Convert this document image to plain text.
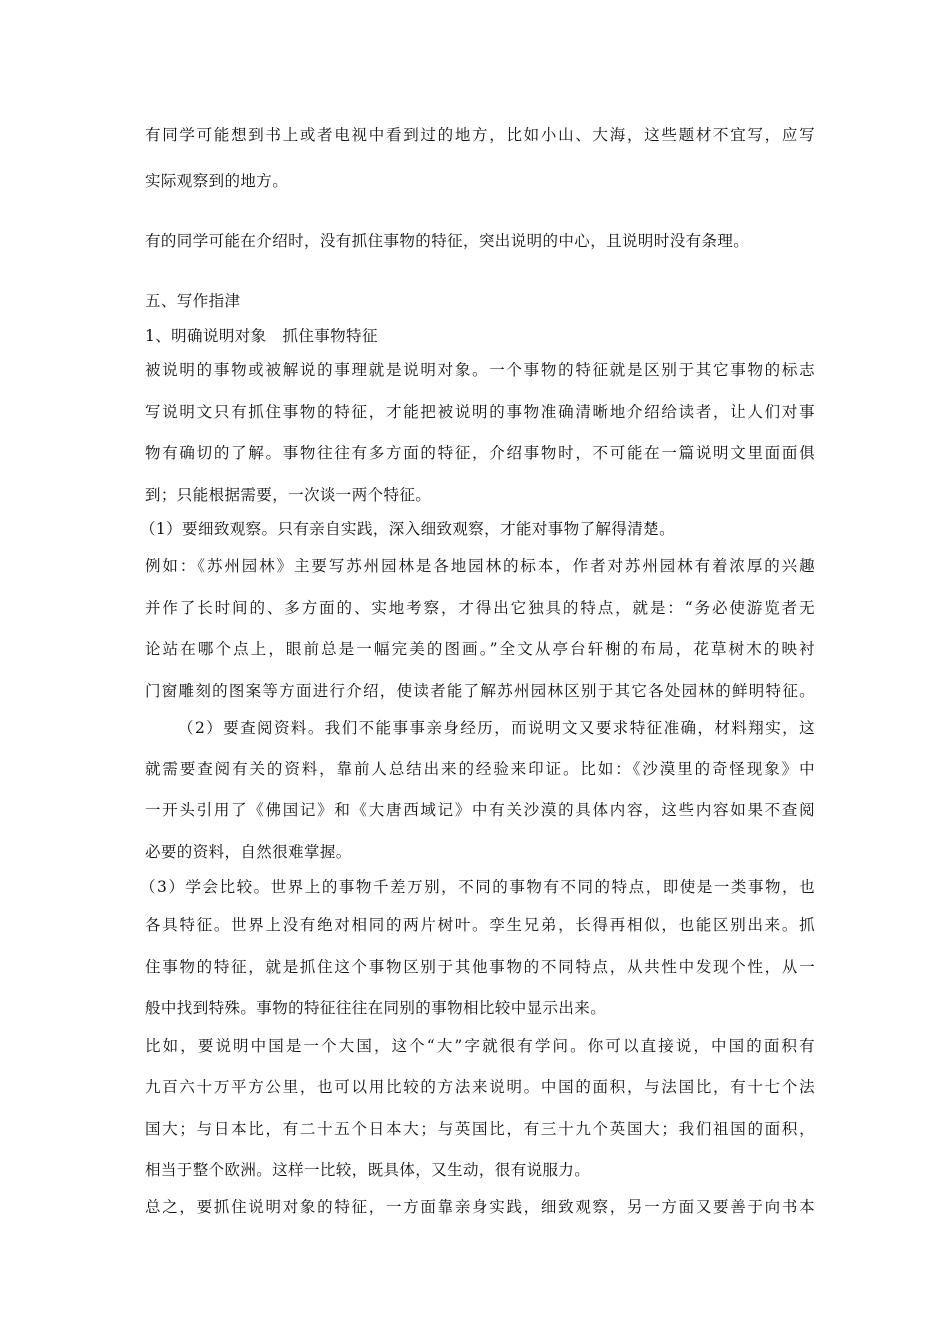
有同学可能想到书上或者电视中看到过的地方，比如小山、大海，这些题材不宜写，应写
实际观察到的地方。
有的同学可能在介绍时，没有抓住事物的特征，突出说明的中心，且说明时没有条理。
五、写作指津
1、明确说明对象　抓住事物特征
被说明的事物或被解说的事理就是说明对象。一个事物的特征就是区别于其它事物的标志
写说明文只有抓住事物的特征，才能把被说明的事物准确清晰地介绍给读者，让人们对事
物有确切的了解。事物往往有多方面的特征，介绍事物时，不可能在一篇说明文里面面俱
到；只能根据需要，一次谈一两个特征。
（1）要细致观察。只有亲自实践，深入细致观察，才能对事物了解得清楚。
例如：《苏州园林》主要写苏州园林是各地园林的标本，作者对苏州园林有着浓厚的兴趣
并作了长时间的、多方面的、实地考察，才得出它独具的特点，就是：“务必使游览者无
论站在哪个点上，眼前总是一幅完美的图画。”全文从亭台轩榭的布局，花草树木的映衬
门窗雕刻的图案等方面进行介绍，使读者能了解苏州园林区别于其它各处园林的鲜明特征。
（2）要查阅资料。我们不能事事亲身经历，而说明文又要求特征准确，材料翔实，这
就需要查阅有关的资料，靠前人总结出来的经验来印证。比如：《沙漠里的奇怪现象》中
一开头引用了《佛国记》和《大唐西域记》中有关沙漠的具体内容，这些内容如果不查阅
必要的资料，自然很难掌握。
（3）学会比较。世界上的事物千差万别，不同的事物有不同的特点，即使是一类事物，也
各具特征。世界上没有绝对相同的两片树叶。孪生兄弟，长得再相似，也能区别出来。抓
住事物的特征，就是抓住这个事物区别于其他事物的不同特点，从共性中发现个性，从一
般中找到特殊。事物的特征往往在同别的事物相比较中显示出来。
比如，要说明中国是一个大国，这个“大”字就很有学问。你可以直接说，中国的面积有
九百六十万平方公里，也可以用比较的方法来说明。中国的面积，与法国比，有十七个法
国大；与日本比，有二十五个日本大；与英国比，有三十九个英国大；我们祖国的面积，
相当于整个欧洲。这样一比较，既具体，又生动，很有说服力。
总之，要抓住说明对象的特征，一方面靠亲身实践，细致观察，另一方面又要善于向书本
